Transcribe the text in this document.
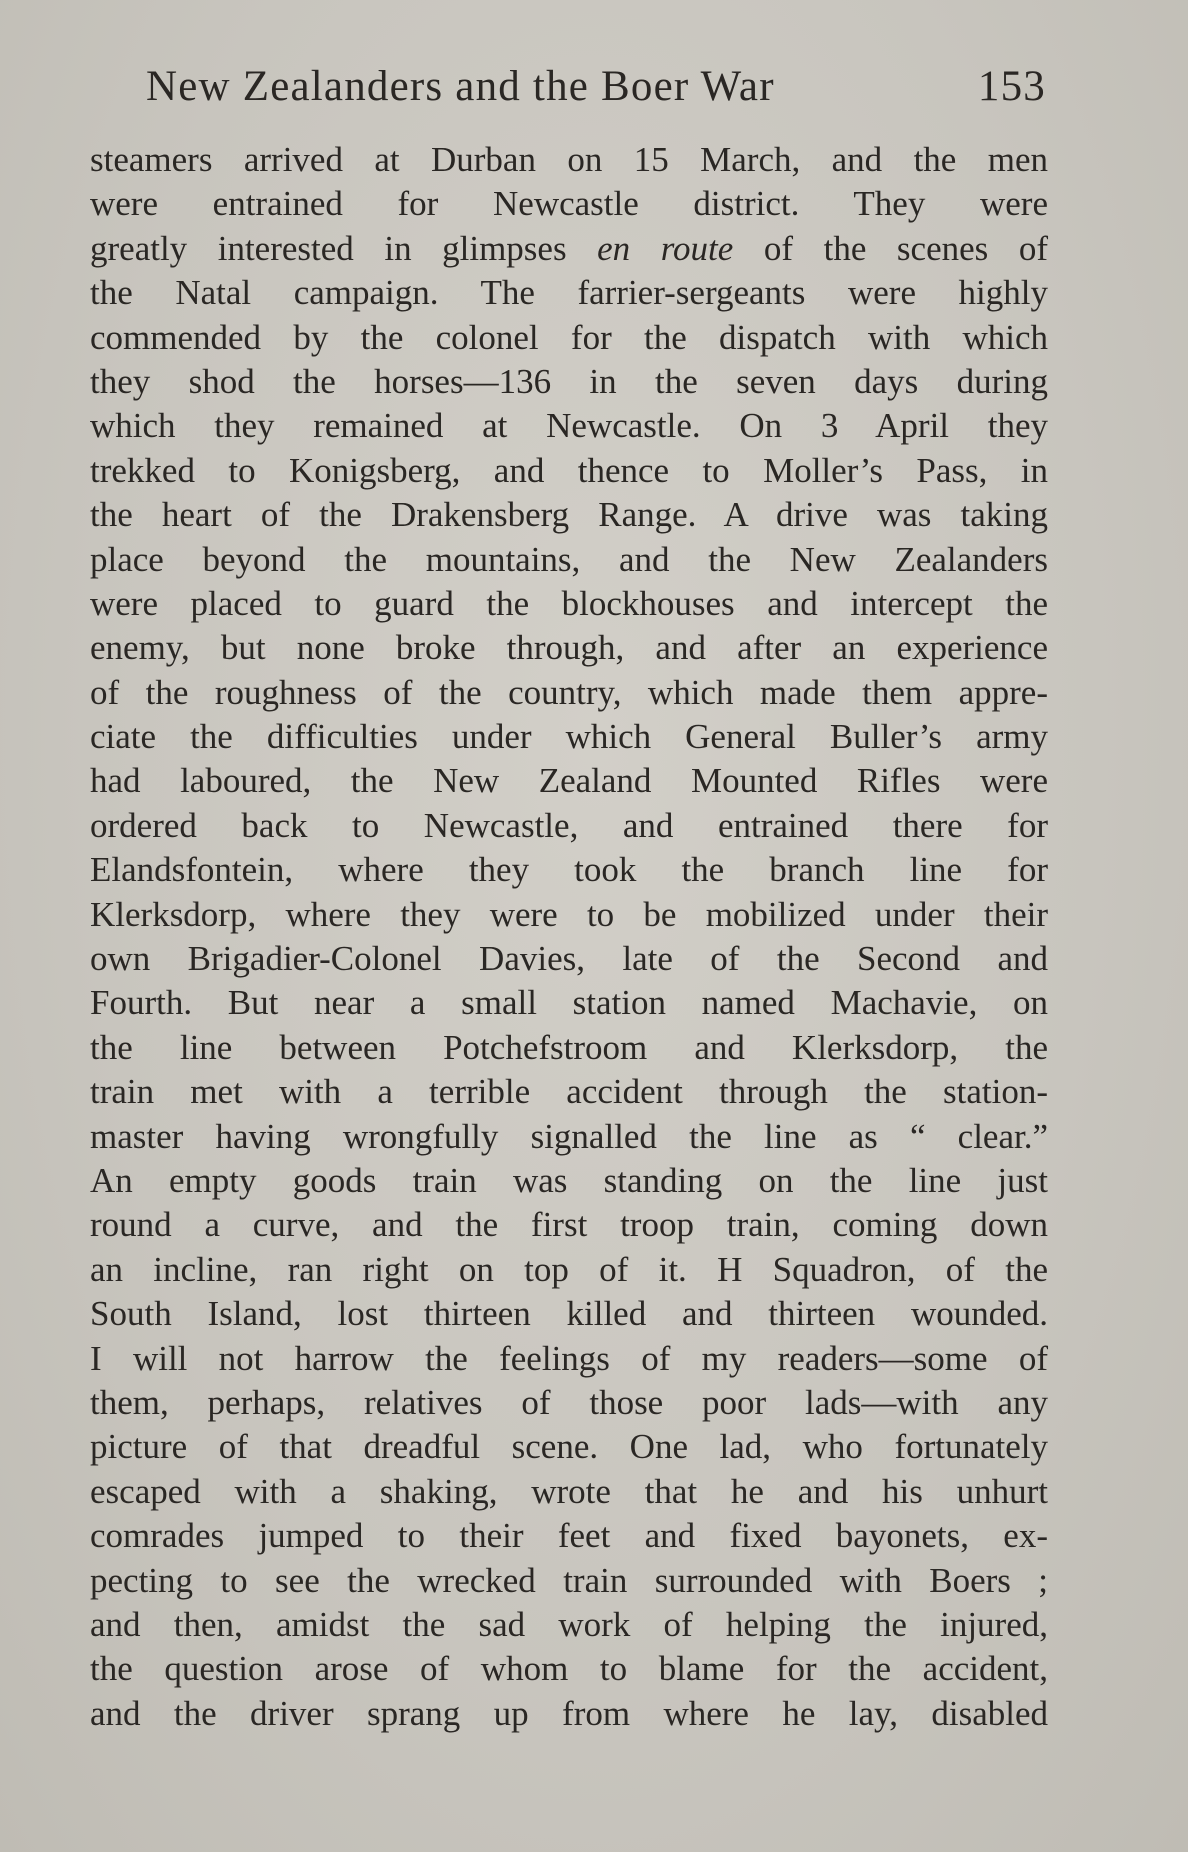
New Zealanders and the Boer War	153
steamers arrived at Durban on 15 March, and the men
were entrained for Newcastle district. They were
greatly interested in glimpses en route of the scenes of
the Natal campaign. The farrier-sergeants were highly
commended by the colonel for the dispatch with which
they shod the horses—136 in the seven days during
which they remained at Newcastle. On 3 April they
trekked to Konigsberg, and thence to Moller’s Pass, in
the heart of the Drakensberg Range. A drive was taking
place beyond the mountains, and the New Zealanders
were placed to guard the blockhouses and intercept the
enemy, but none broke through, and after an experience
of the roughness of the country, which made them appre-
ciate the difficulties under which General Buller’s army
had laboured, the New Zealand Mounted Rifles were
ordered back to Newcastle, and entrained there for
Elandsfontein, where they took the branch line for
Klerksdorp, where they were to be mobilized under their
own Brigadier-Colonel Davies, late of the Second and
Fourth. But near a small station named Machavie, on
the line between Potchefstroom and Klerksdorp, the
train met with a terrible accident through the station-
master having wrongfully signalled the line as “ clear.”
An empty goods train was standing on the line just
round a curve, and the first troop train, coming down
an incline, ran right on top of it. H Squadron, of the
South Island, lost thirteen killed and thirteen wounded.
I will not harrow the feelings of my readers—some of
them, perhaps, relatives of those poor lads—with any
picture of that dreadful scene. One lad, who fortunately
escaped with a shaking, wrote that he and his unhurt
comrades jumped to their feet and fixed bayonets, ex-
pecting to see the wrecked train surrounded with Boers ;
and then, amidst the sad work of helping the injured,
the question arose of whom to blame for the accident,
and the driver sprang up from where he lay, disabled
